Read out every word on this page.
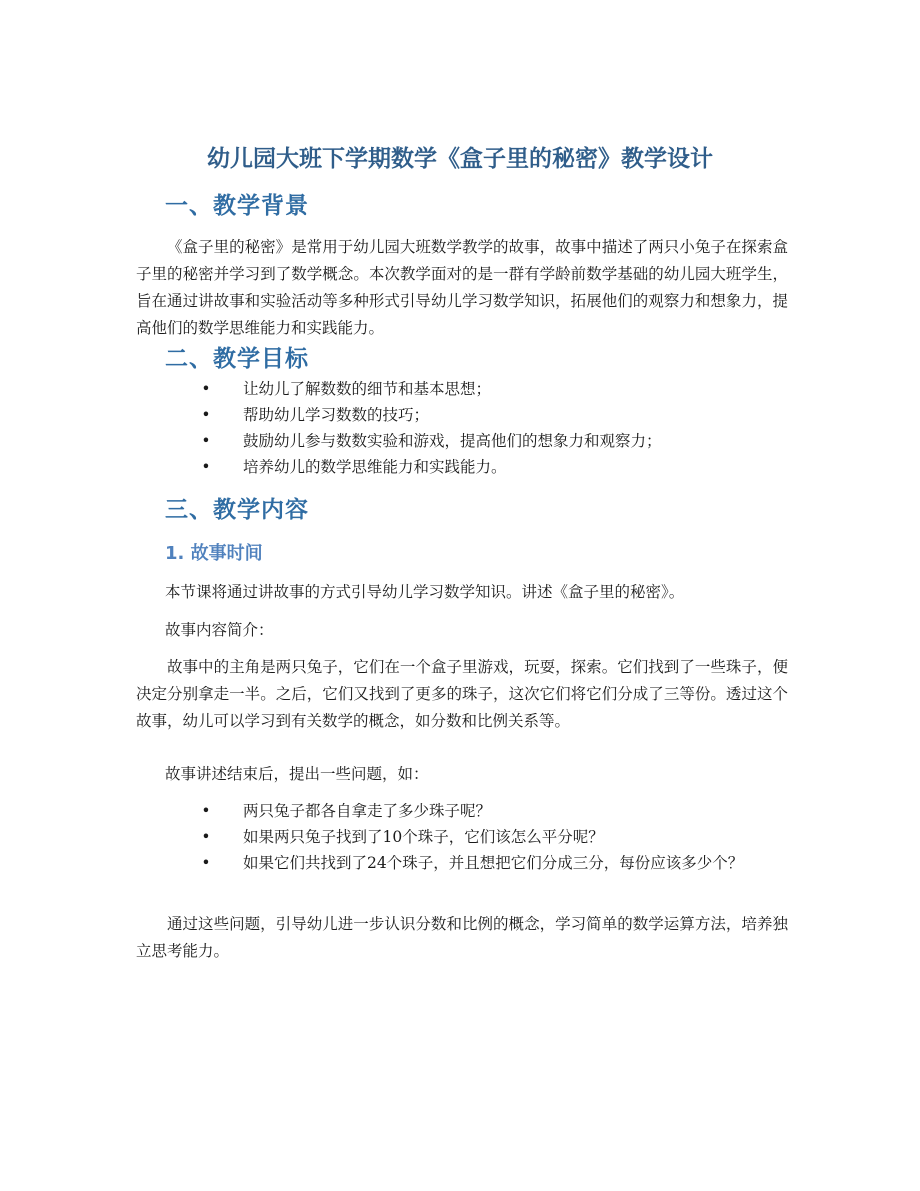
幼儿园大班下学期数学《盒子里的秘密》教学设计
一、教学背景

《盒子里的秘密》是常用于幼儿园大班数学教学的故事，故事中描述了两只小兔子在探索盒子里的秘密并学习到了数学概念。本次教学面对的是一群有学龄前数学基础的幼儿园大班学生，旨在通过讲故事和实验活动等多种形式引导幼儿学习数学知识，拓展他们的观察力和想象力，提高他们的数学思维能力和实践能力。

二、教学目标
• 让幼儿了解数数的细节和基本思想；
• 帮助幼儿学习数数的技巧；
• 鼓励幼儿参与数数实验和游戏，提高他们的想象力和观察力；
• 培养幼儿的数学思维能力和实践能力。
三、教学内容
1. 故事时间

本节课将通过讲故事的方式引导幼儿学习数学知识。讲述《盒子里的秘密》。

故事内容简介：

故事中的主角是两只兔子，它们在一个盒子里游戏，玩耍，探索。它们找到了一些珠子，便决定分别拿走一半。之后，它们又找到了更多的珠子，这次它们将它们分成了三等份。透过这个故事，幼儿可以学习到有关数学的概念，如分数和比例关系等。

故事讲述结束后，提出一些问题，如：

• 两只兔子都各自拿走了多少珠子呢？
• 如果两只兔子找到了10个珠子，它们该怎么平分呢？
• 如果它们共找到了24个珠子，并且想把它们分成三分，每份应该多少个？

通过这些问题，引导幼儿进一步认识分数和比例的概念，学习简单的数学运算方法，培养独立思考能力。
